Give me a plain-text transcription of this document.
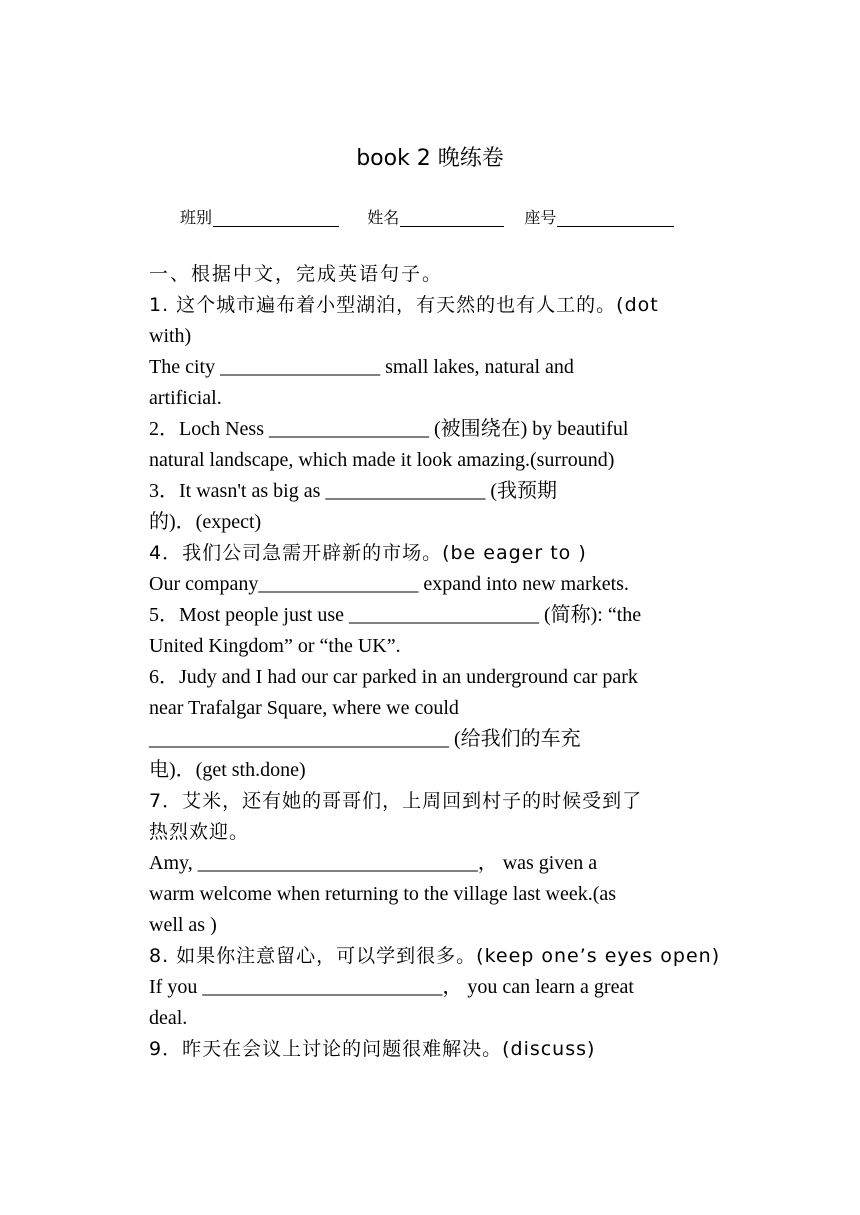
book 2 晚练卷
班别	姓名	座号
一、根据中文，完成英语句子。
1. 这个城市遍布着小型湖泊，有天然的也有人工的。(dot
with)
The city ________________ small lakes, natural and
artificial.
2．Loch Ness ________________ (被围绕在) by beautiful
natural landscape, which made it look amazing.(surround)
3．It wasn't as big as ________________ (我预期
的)．(expect)
4．我们公司急需开辟新的市场。(be eager to )
Our company________________ expand into new markets.
5．Most people just use ___________________ (简称): “the
United Kingdom” or “the UK”.
6．Judy and I had our car parked in an underground car park
near Trafalgar Square, where we could
______________________________ (给我们的车充
电)．(get sth.done)
7．艾米，还有她的哥哥们，上周回到村子的时候受到了
热烈欢迎。
Amy, ____________________________， was given a
warm welcome when returning to the village last week.(as
well as )
8. 如果你注意留心，可以学到很多。(keep one’s eyes open)
If you ________________________， you can learn a great
deal.
9．昨天在会议上讨论的问题很难解决。(discuss)
